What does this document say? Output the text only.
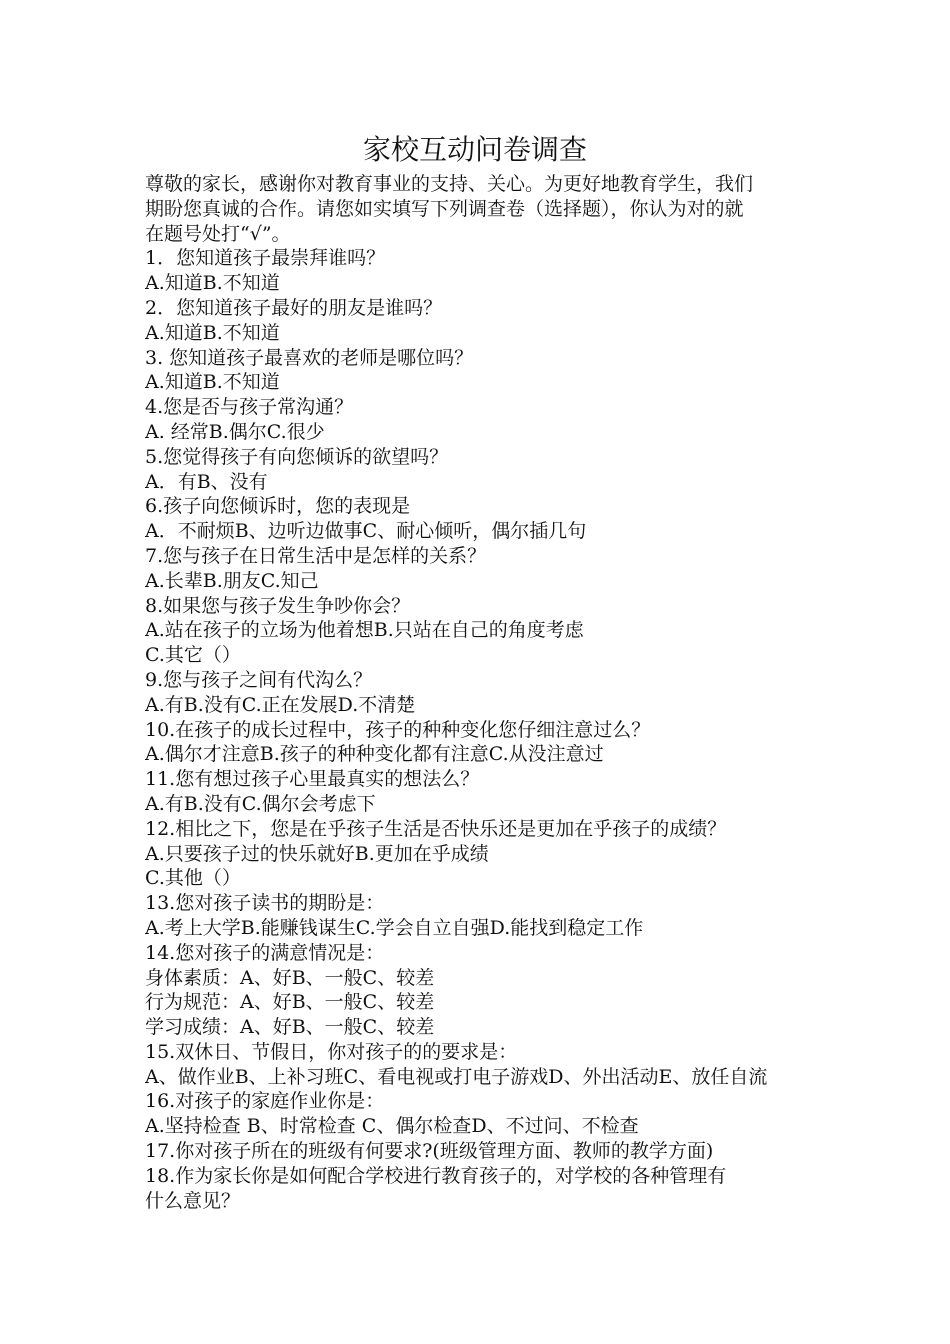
家校互动问卷调查
尊敬的家长，感谢你对教育事业的支持、关心。为更好地教育学生，我们
期盼您真诚的合作。请您如实填写下列调查卷（选择题），你认为对的就
在题号处打“√”。
1．您知道孩子最崇拜谁吗？
A.知道B.不知道
2．您知道孩子最好的朋友是谁吗？
A.知道B.不知道
3. 您知道孩子最喜欢的老师是哪位吗？
A.知道B.不知道
4.您是否与孩子常沟通？
A. 经常B.偶尔C.很少
5.您觉得孩子有向您倾诉的欲望吗？
A．有B、没有
6.孩子向您倾诉时，您的表现是
A．不耐烦B、边听边做事C、耐心倾听，偶尔插几句
7.您与孩子在日常生活中是怎样的关系？
A.长辈B.朋友C.知己
8.如果您与孩子发生争吵你会？
A.站在孩子的立场为他着想B.只站在自己的角度考虑
C.其它（）
9.您与孩子之间有代沟么？
A.有B.没有C.正在发展D.不清楚
10.在孩子的成长过程中，孩子的种种变化您仔细注意过么？
A.偶尔才注意B.孩子的种种变化都有注意C.从没注意过
11.您有想过孩子心里最真实的想法么？
A.有B.没有C.偶尔会考虑下
12.相比之下，您是在乎孩子生活是否快乐还是更加在乎孩子的成绩？
A.只要孩子过的快乐就好B.更加在乎成绩
C.其他（）
13.您对孩子读书的期盼是：
A.考上大学B.能赚钱谋生C.学会自立自强D.能找到稳定工作
14.您对孩子的满意情况是：
身体素质：A、好B、一般C、较差
行为规范：A、好B、一般C、较差
学习成绩：A、好B、一般C、较差
15.双休日、节假日，你对孩子的的要求是：
A、做作业B、上补习班C、看电视或打电子游戏D、外出活动E、放任自流
16.对孩子的家庭作业你是：
A.坚持检查 B、时常检查 C、偶尔检查D、不过问、不检查
17.你对孩子所在的班级有何要求?(班级管理方面、教师的教学方面)
18.作为家长你是如何配合学校进行教育孩子的，对学校的各种管理有
什么意见？
